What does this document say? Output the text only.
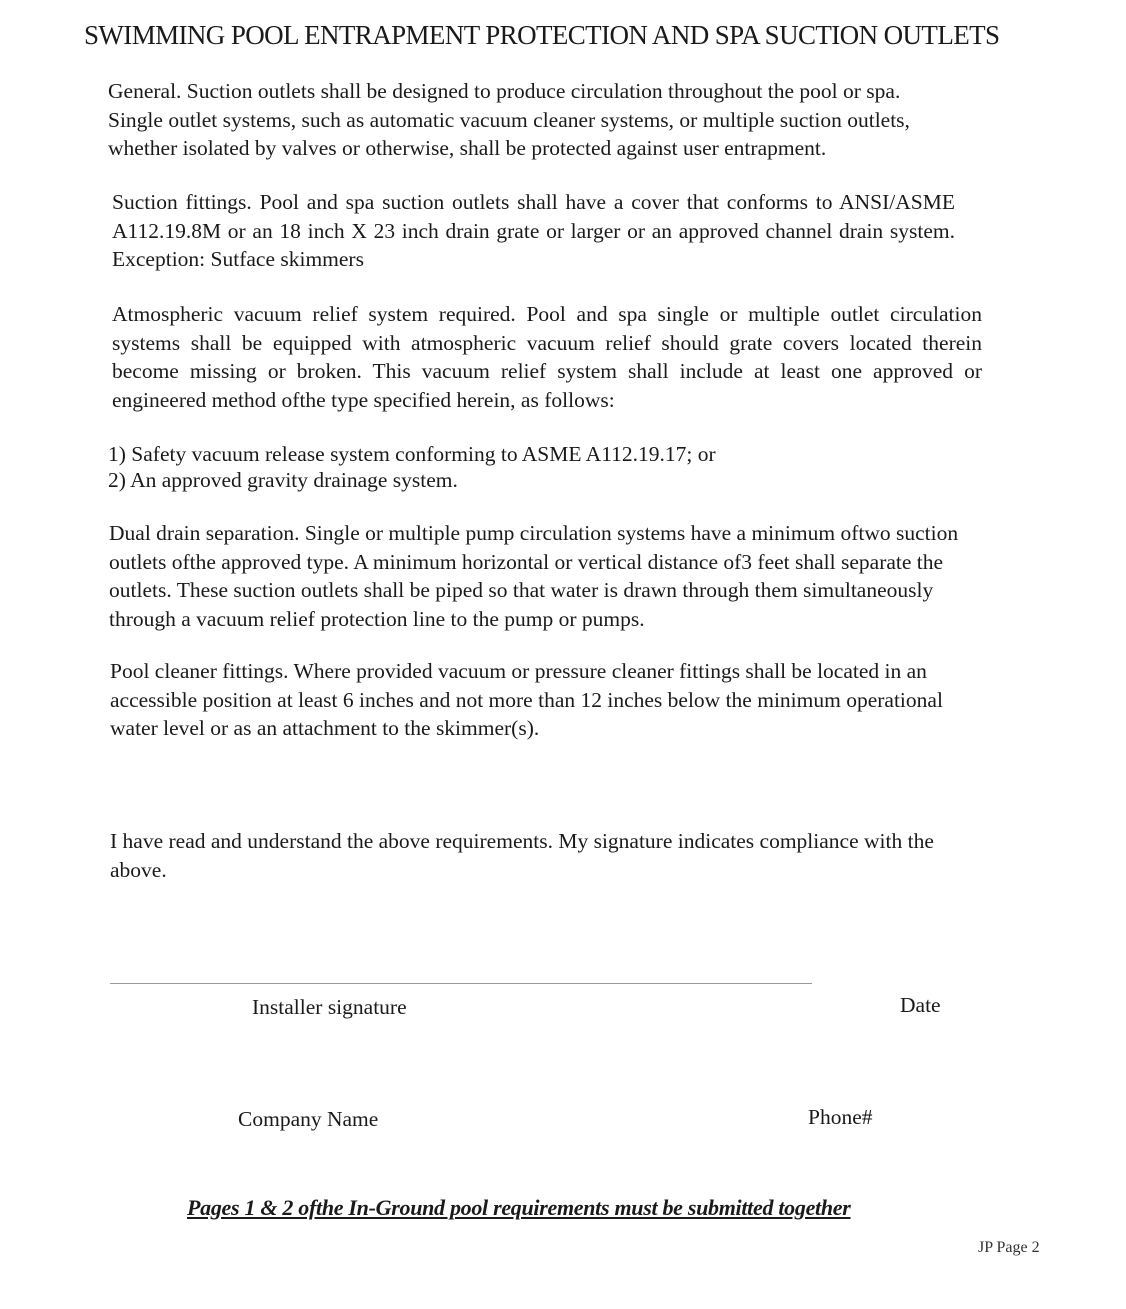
SWIMMING POOL ENTRAPMENT PROTECTION AND SPA SUCTION OUTLETS

General. Suction outlets shall be designed to produce circulation throughout the pool or spa. Single outlet systems, such as automatic vacuum cleaner systems, or multiple suction outlets, whether isolated by valves or otherwise, shall be protected against user entrapment.

Suction fittings. Pool and spa suction outlets shall have a cover that conforms to ANSI/ASME A112.19.8M or an 18 inch X 23 inch drain grate or larger or an approved channel drain system. Exception: Sutface skimmers

Atmospheric vacuum relief system required. Pool and spa single or multiple outlet circulation systems shall be equipped with atmospheric vacuum relief should grate covers located therein become missing or broken. This vacuum relief system shall include at least one approved or engineered method ofthe type specified herein, as follows:

1) Safety vacuum release system conforming to ASME A112.19.17; or
2) An approved gravity drainage system.

Dual drain separation. Single or multiple pump circulation systems have a minimum oftwo suction outlets ofthe approved type. A minimum horizontal or vertical distance of3 feet shall separate the outlets. These suction outlets shall be piped so that water is drawn through them simultaneously through a vacuum relief protection line to the pump or pumps.

Pool cleaner fittings. Where provided vacuum or pressure cleaner fittings shall be located in an accessible position at least 6 inches and not more than 12 inches below the minimum operational water level or as an attachment to the skimmer(s).

I have read and understand the above requirements. My signature indicates compliance with the above.

Installer signature	Date

Company Name	Phone#

Pages 1 & 2 ofthe In-Ground pool requirements must be submitted together

JP Page 2
